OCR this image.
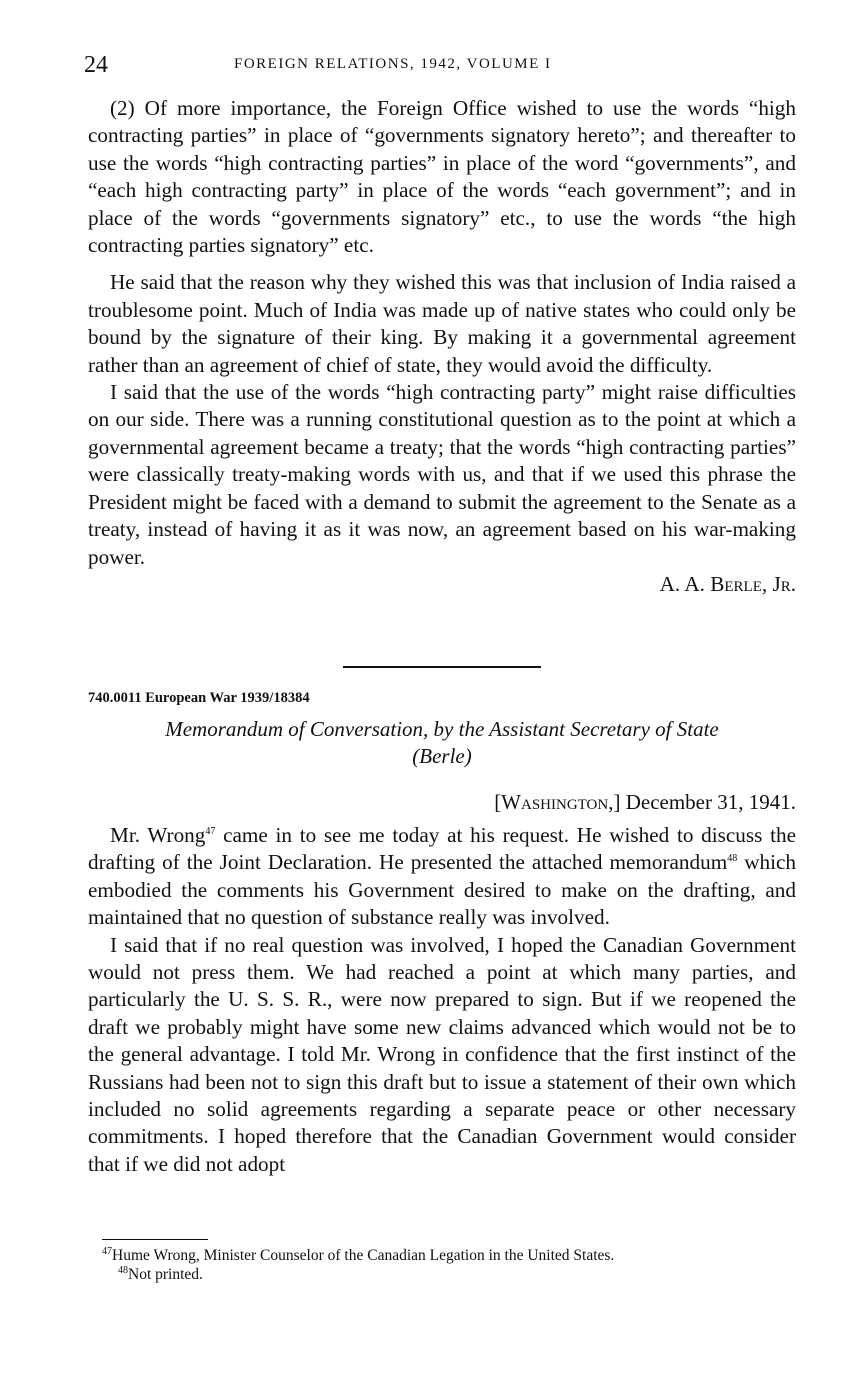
24	FOREIGN RELATIONS, 1942, VOLUME I

(2) Of more importance, the Foreign Office wished to use the words “high contracting parties” in place of “governments signatory hereto”; and thereafter to use the words “high contracting parties” in place of the word “governments”, and “each high contracting party” in place of the words “each government”; and in place of the words “governments signatory” etc., to use the words “the high contracting parties signatory” etc.

He said that the reason why they wished this was that inclusion of India raised a troublesome point. Much of India was made up of native states who could only be bound by the signature of their king. By making it a governmental agreement rather than an agreement of chief of state, they would avoid the difficulty.

I said that the use of the words “high contracting party” might raise difficulties on our side. There was a running constitutional question as to the point at which a governmental agreement became a treaty; that the words “high contracting parties” were classically treaty-making words with us, and that if we used this phrase the President might be faced with a demand to submit the agreement to the Senate as a treaty, instead of having it as it was now, an agreement based on his war-making power.

A. A. Berle, Jr.
740.0011 European War 1939/18384
Memorandum of Conversation, by the Assistant Secretary of State
(Berle)
[Washington,] December 31, 1941.

Mr. Wrong$^{47}$ came in to see me today at his request. He wished to discuss the drafting of the Joint Declaration. He presented the attached memorandum$^{48}$ which embodied the comments his Government desired to make on the drafting, and maintained that no question of substance really was involved.

I said that if no real question was involved, I hoped the Canadian Government would not press them. We had reached a point at which many parties, and particularly the U. S. S. R., were now prepared to sign. But if we reopened the draft we probably might have some new claims advanced which would not be to the general advantage. I told Mr. Wrong in confidence that the first instinct of the Russians had been not to sign this draft but to issue a statement of their own which included no solid agreements regarding a separate peace or other necessary commitments. I hoped therefore that the Canadian Government would consider that if we did not adopt

$^{47}$Hume Wrong, Minister Counselor of the Canadian Legation in the United States.

$^{48}$Not printed.
